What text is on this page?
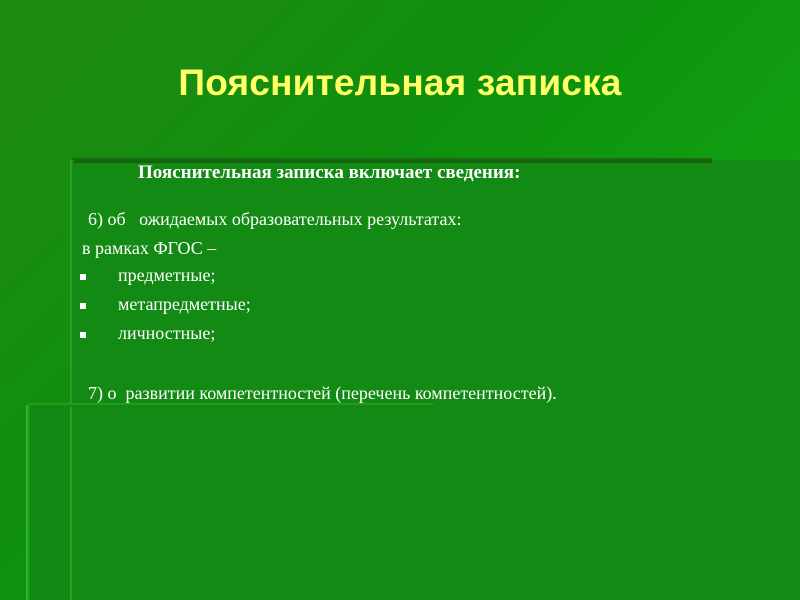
Пояснительная записка
Пояснительная записка включает сведения:
6) об   ожидаемых образовательных результатах:
в рамках ФГОС –
предметные;
метапредметные;
личностные;
7) о  развитии компетентностей (перечень компетентностей).
